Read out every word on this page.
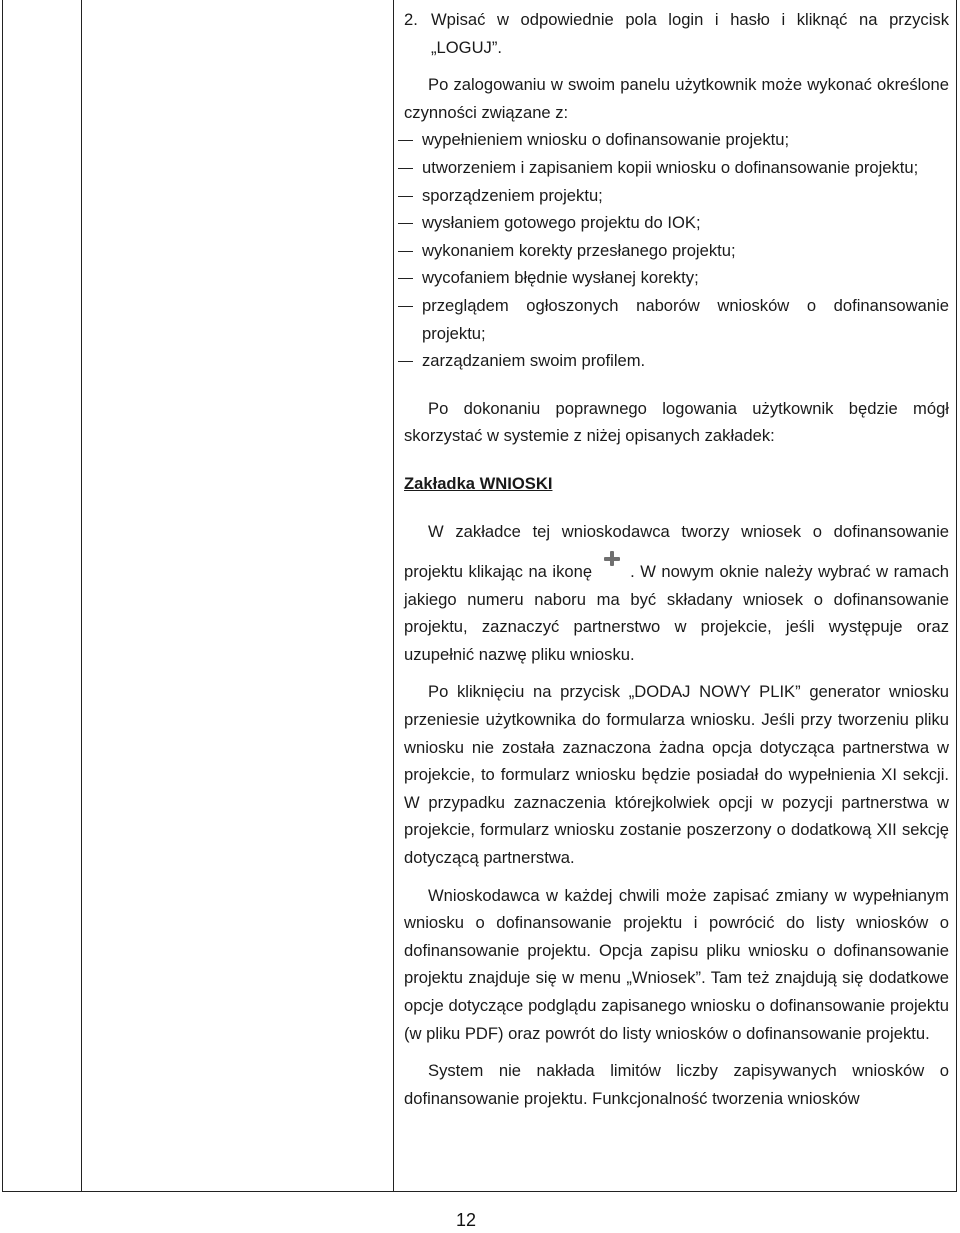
2. Wpisać w odpowiednie pola login i hasło i kliknąć na przycisk „LOGUJ”.

Po zalogowaniu w swoim panelu użytkownik może wykonać określone czynności związane z:

wypełnieniem wniosku o dofinansowanie projektu;
utworzeniem i zapisaniem kopii wniosku o dofinansowanie projektu;
sporządzeniem projektu;
wysłaniem gotowego projektu do IOK;
wykonaniem korekty przesłanego projektu;
wycofaniem błędnie wysłanej korekty;
przeglądem ogłoszonych naborów wniosków o dofinansowanie projektu;
zarządzaniem swoim profilem.

Po dokonaniu poprawnego logowania użytkownik będzie mógł skorzystać w systemie z niżej opisanych zakładek:

Zakładka WNIOSKI

W zakładce tej wnioskodawca tworzy wniosek o dofinansowanie projektu klikając na ikonę . W nowym oknie należy wybrać w ramach jakiego numeru naboru ma być składany wniosek o dofinansowanie projektu, zaznaczyć partnerstwo w projekcie, jeśli występuje oraz uzupełnić nazwę pliku wniosku.

Po kliknięciu na przycisk „DODAJ NOWY PLIK” generator wniosku przeniesie użytkownika do formularza wniosku. Jeśli przy tworzeniu pliku wniosku nie została zaznaczona żadna opcja dotycząca partnerstwa w projekcie, to formularz wniosku będzie posiadał do wypełnienia XI sekcji. W przypadku zaznaczenia którejkolwiek opcji w pozycji partnerstwa w projekcie, formularz wniosku zostanie poszerzony o dodatkową XII sekcję dotyczącą partnerstwa.

Wnioskodawca w każdej chwili może zapisać zmiany w wypełnianym wniosku o dofinansowanie projektu i powrócić do listy wniosków o dofinansowanie projektu. Opcja zapisu pliku wniosku o dofinansowanie projektu znajduje się w menu „Wniosek”. Tam też znajdują się dodatkowe opcje dotyczące podglądu zapisanego wniosku o dofinansowanie projektu (w pliku PDF) oraz powrót do listy wniosków o dofinansowanie projektu.

System nie nakłada limitów liczby zapisywanych wniosków o dofinansowanie projektu. Funkcjonalność tworzenia wniosków

12
